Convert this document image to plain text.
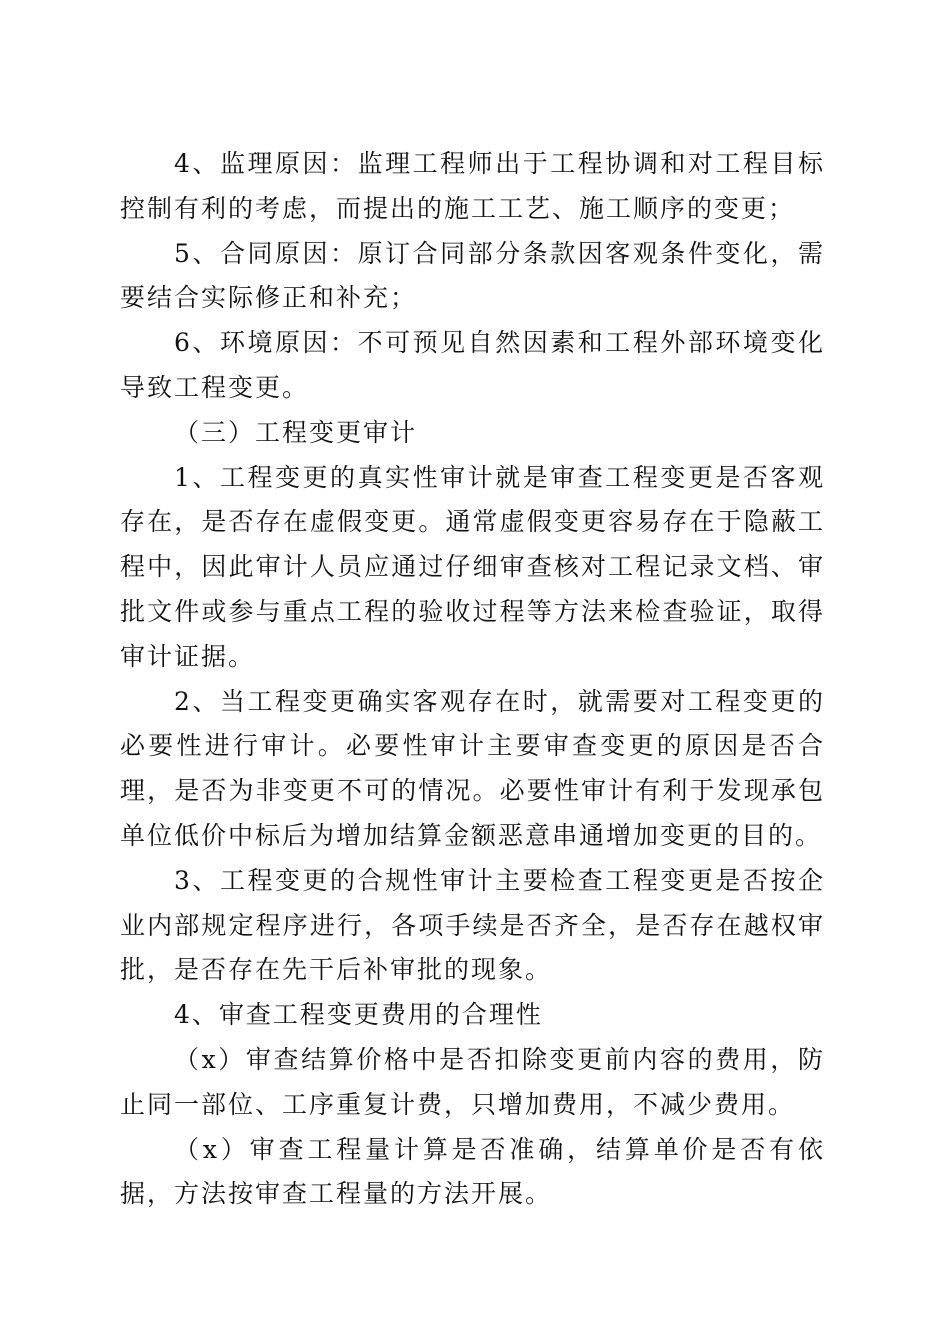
4、监理原因：监理工程师出于工程协调和对工程目标控制有利的考虑，而提出的施工工艺、施工顺序的变更；

5、合同原因：原订合同部分条款因客观条件变化，需要结合实际修正和补充；

6、环境原因：不可预见自然因素和工程外部环境变化导致工程变更。

（三）工程变更审计

1、工程变更的真实性审计就是审查工程变更是否客观存在，是否存在虚假变更。通常虚假变更容易存在于隐蔽工程中，因此审计人员应通过仔细审查核对工程记录文档、审批文件或参与重点工程的验收过程等方法来检查验证，取得审计证据。

2、当工程变更确实客观存在时，就需要对工程变更的必要性进行审计。必要性审计主要审查变更的原因是否合理，是否为非变更不可的情况。必要性审计有利于发现承包单位低价中标后为增加结算金额恶意串通增加变更的目的。

3、工程变更的合规性审计主要检查工程变更是否按企业内部规定程序进行，各项手续是否齐全，是否存在越权审批，是否存在先干后补审批的现象。

4、审查工程变更费用的合理性

（x）审查结算价格中是否扣除变更前内容的费用，防止同一部位、工序重复计费，只增加费用，不减少费用。

（x）审查工程量计算是否准确，结算单价是否有依据，方法按审查工程量的方法开展。
